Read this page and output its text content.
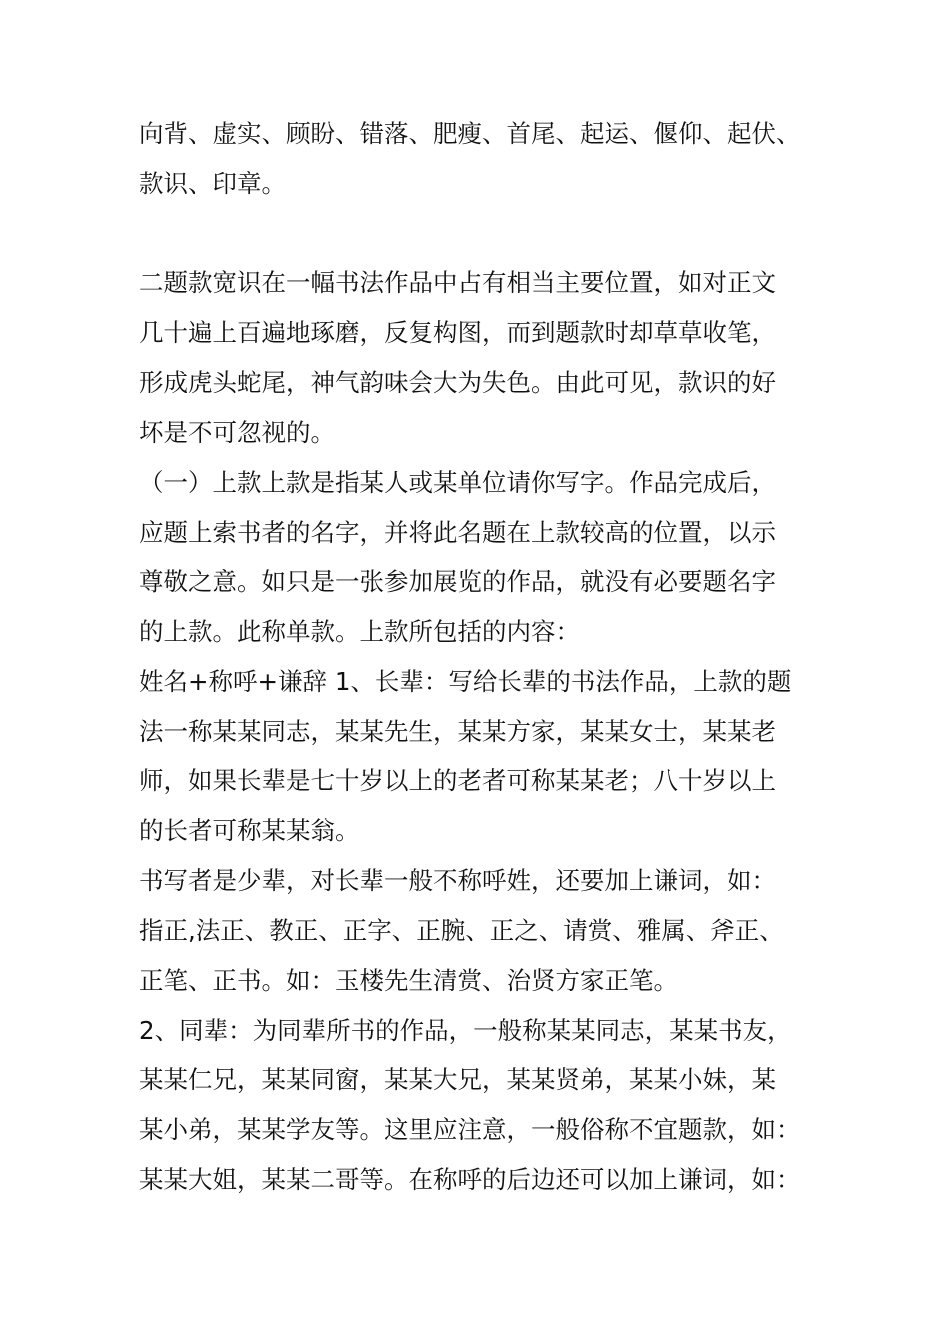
向背、虚实、顾盼、错落、肥瘦、首尾、起运、偃仰、起伏、
款识、印章。
二题款宽识在一幅书法作品中占有相当主要位置，如对正文
几十遍上百遍地琢磨，反复构图，而到题款时却草草收笔，
形成虎头蛇尾，神气韵味会大为失色。由此可见，款识的好
坏是不可忽视的。
（一）上款上款是指某人或某单位请你写字。作品完成后，
应题上索书者的名字，并将此名题在上款较高的位置，以示
尊敬之意。如只是一张参加展览的作品，就没有必要题名字
的上款。此称单款。上款所包括的内容：
姓名+称呼+谦辞 1、长辈：写给长辈的书法作品，上款的题
法一称某某同志，某某先生，某某方家，某某女士，某某老
师，如果长辈是七十岁以上的老者可称某某老；八十岁以上
的长者可称某某翁。
书写者是少辈，对长辈一般不称呼姓，还要加上谦词，如：
指正,法正、教正、正字、正腕、正之、请赏、雅属、斧正、
正笔、正书。如：玉楼先生清赏、治贤方家正笔。
2、同辈：为同辈所书的作品，一般称某某同志，某某书友，
某某仁兄，某某同窗，某某大兄，某某贤弟，某某小妹，某
某小弟，某某学友等。这里应注意，一般俗称不宜题款，如：
某某大姐，某某二哥等。在称呼的后边还可以加上谦词，如：
